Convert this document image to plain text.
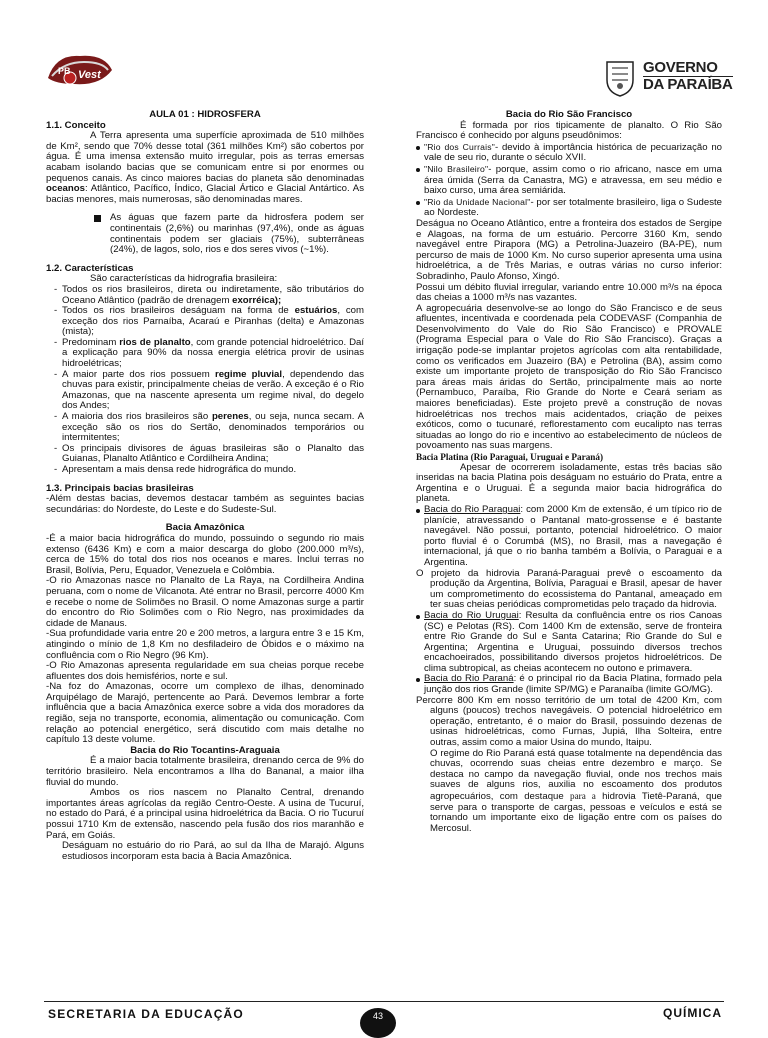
PB Vest	GOVERNO
DA PARAÍBA

AULA 01 : HIDROSFERA

1.1. Conceito

A Terra apresenta uma superfície aproximada de 510 milhões de Km², sendo que 70% desse total (361 milhões Km²) são cobertos por água. É uma imensa extensão muito irregular, pois as terras emersas acabam isolando bacias que se comunicam entre si por enormes ou pequenos canais. As cinco maiores bacias do planeta são denominadas oceanos: Atlântico, Pacífico, Índico, Glacial Ártico e Glacial Antártico. As bacias menores, mais numerosas, são denominadas mares.

As águas que fazem parte da hidrosfera podem ser continentais (2,6%) ou marinhas (97,4%), onde as águas continentais podem ser glaciais (75%), subterrâneas (24%), de lagos, solo, rios e dos seres vivos (~1%).

1.2. Características

São características da hidrografia brasileira:

- Todos os rios brasileiros, direta ou indiretamente, são tributários do Oceano Atlântico (padrão de drenagem exorréica);
- Todos os rios brasileiros deságuam na forma de estuários, com exceção dos rios Parnaíba, Acaraú e Piranhas (delta) e Amazonas (mista);
- Predominam rios de planalto, com grande potencial hidroelétrico. Daí a explicação para 90% da nossa energia elétrica provir de usinas hidroelétricas;
- A maior parte dos rios possuem regime pluvial, dependendo das chuvas para existir, principalmente cheias de verão. A exceção é o Rio Amazonas, que na nascente apresenta um regime nival, do degelo dos Andes;
- A maioria dos rios brasileiros são perenes, ou seja, nunca secam. A exceção são os rios do Sertão, denominados temporários ou intermitentes;
- Os principais divisores de águas brasileiras são o Planalto das Guianas, Planalto Atlântico e Cordilheira Andina;
- Apresentam a mais densa rede hidrográfica do mundo.

1.3. Principais bacias brasileiras

-Além destas bacias, devemos destacar também as seguintes bacias secundárias: do Nordeste, do Leste e do Sudeste-Sul.

Bacia Amazônica

-É a maior bacia hidrográfica do mundo, possuindo o segundo rio mais extenso (6436 Km) e com a maior descarga do globo (200.000 m³/s), cerca de 15% do total dos rios nos oceanos e mares. Inclui terras no Brasil, Bolívia, Peru, Equador, Venezuela e Colômbia.

-O rio Amazonas nasce no Planalto de La Raya, na Cordilheira Andina peruana, com o nome de Vilcanota. Até entrar no Brasil, percorre 4000 Km e recebe o nome de Solimões no Brasil. O nome Amazonas surge a partir do encontro do Rio Solimões com o Rio Negro, nas proximidades da cidade de Manaus.

-Sua profundidade varia entre 20 e 200 metros, a largura entre 3 e 15 Km, atingindo o mínio de 1,8 Km no desfiladeiro de Óbidos e o máximo na confluência com o Rio Negro (96 Km).

-O Rio Amazonas apresenta regularidade em sua cheias porque recebe afluentes dos dois hemisférios, norte e sul.

-Na foz do Amazonas, ocorre um complexo de ilhas, denominado Arquipélago de Marajó, pertencente ao Pará. Devemos lembrar a forte influência que a bacia Amazônica exerce sobre a vida dos moradores da região, seja no transporte, economia, alimentação ou comunicação. Com relação ao potencial energético, será discutido com mais detalhe no capítulo 13 deste volume.

Bacia do Rio Tocantins-Araguaia

É a maior bacia totalmente brasileira, drenando cerca de 9% do território brasileiro. Nela encontramos a Ilha do Bananal, a maior ilha fluvial do mundo.

Ambos os rios nascem no Planalto Central, drenando importantes áreas agrícolas da região Centro-Oeste. A usina de Tucuruí, no estado do Pará, é a principal usina hidroelétrica da Bacia. O rio Tucuruí possui 1710 Km de extensão, nascendo pela fusão dos rios maranhão e Pará, em Goiás.

Deságuam no estuário do rio Pará, ao sul da Ilha de Marajó. Alguns estudiosos incorporam esta bacia à Bacia Amazônica.

Bacia do Rio São Francisco

É formada por rios tipicamente de planalto. O Rio São Francisco é conhecido por alguns pseudônimos:

"Rio dos Currais"- devido à importância histórica de pecuarização no vale de seu rio, durante o século XVII.
"Nilo Brasileiro"- porque, assim como o rio africano, nasce em uma área úmida (Serra da Canastra, MG) e atravessa, em seu médio e baixo curso, uma área semiárida.
"Rio da Unidade Nacional"- por ser totalmente brasileiro, liga o Sudeste ao Nordeste.

Deságua no Oceano Atlântico, entre a fronteira dos estados de Sergipe e Alagoas, na forma de um estuário. Percorre 3160 Km, sendo navegável entre Pirapora (MG) a Petrolina-Juazeiro (BA-PE), num percurso de mais de 1000 Km. No curso superior apresenta uma usina hidroelétrica, a de Três Marias, e outras várias no curso inferior: Sobradinho, Paulo Afonso, Xingó.

Possui um débito fluvial irregular, variando entre 10.000 m³/s na época das cheias a 1000 m³/s nas vazantes.

A agropecuária desenvolve-se ao longo do São Francisco e de seus afluentes, incentivada e coordenada pela CODEVASF (Companhia de Desenvolvimento do Vale do Rio São Francisco) e PROVALE (Programa Especial para o Vale do Rio São Francisco). Graças a irrigação pode-se implantar projetos agrícolas com alta rentabilidade, como os verificados em Juazeiro (BA) e Petrolina (BA), assim como existe um importante projeto de transposição do Rio São Francisco para áreas mais áridas do Sertão, principalmente mais ao norte (Pernambuco, Paraíba, Rio Grande do Norte e Ceará seriam as maiores beneficiadas). Este projeto prevê a construção de novas hidroelétricas nos trechos mais acidentados, criação de peixes exóticos, como o tucunaré, reflorestamento com eucalipto nas terras situadas ao longo do rio e incentivo ao estabelecimento de núcleos de povoamento nas suas margens.

Bacia Platina (Rio Paraguai, Uruguai e Paraná)

Apesar de ocorrerem isoladamente, estas três bacias são inseridas na bacia Platina pois deságuam no estuário do Prata, entre a Argentina e o Uruguai. É a segunda maior bacia hidrográfica do planeta.

Bacia do Rio Paraguai: com 2000 Km de extensão, é um típico rio de planície, atravessando o Pantanal mato-grossense e é bastante navegável. Não possui, portanto, potencial hidroelétrico. O maior porto fluvial é o Corumbá (MS), no Brasil, mas a navegação é internacional, já que o rio banha também a Bolívia, o Paraguai e a Argentina.

O projeto da hidrovia Paraná-Paraguai prevê o escoamento da produção da Argentina, Bolívia, Paraguai e Brasil, apesar de haver um comprometimento do ecossistema do Pantanal, ameaçado em ter suas cheias periódicas comprometidas pelo traçado da hidrovia.

Bacia do Rio Uruguai: Resulta da confluência entre os rios Canoas (SC) e Pelotas (RS). Com 1400 Km de extensão, serve de fronteira entre Rio Grande do Sul e Santa Catarina; Rio Grande do Sul e Argentina; Argentina e Uruguai, possuindo diversos trechos encachoeirados, possibilitando diversos projetos hidroelétricos. De clima subtropical, as cheias acontecem no outono e primavera.
Bacia do Rio Paraná: é o principal rio da Bacia Platina, formado pela junção dos rios Grande (limite SP/MG) e Paranaíba (limite GO/MG).

Percorre 800 Km em nosso território de um total de 4200 Km, com alguns (poucos) trechos navegáveis. O potencial hidroelétrico em operação, entretanto, é o maior do Brasil, possuindo dezenas de usinas hidroelétricas, como Furnas, Jupiá, Ilha Solteira, entre outras, assim como a maior Usina do mundo, Itaipu.

O regime do Rio Paraná está quase totalmente na dependência das chuvas, ocorrendo suas cheias entre dezembro e março. Se destaca no campo da navegação fluvial, onde nos trechos mais suaves de alguns rios, auxilia no escoamento dos produtos agropecuários, com destaque para a hidrovia Tietê-Paraná, que serve para o transporte de cargas, pessoas e veículos e está se tornando um importante eixo de ligação entre com os países do Mercosul.

SECRETARIA DA EDUCAÇÃO	43	QUÍMICA
